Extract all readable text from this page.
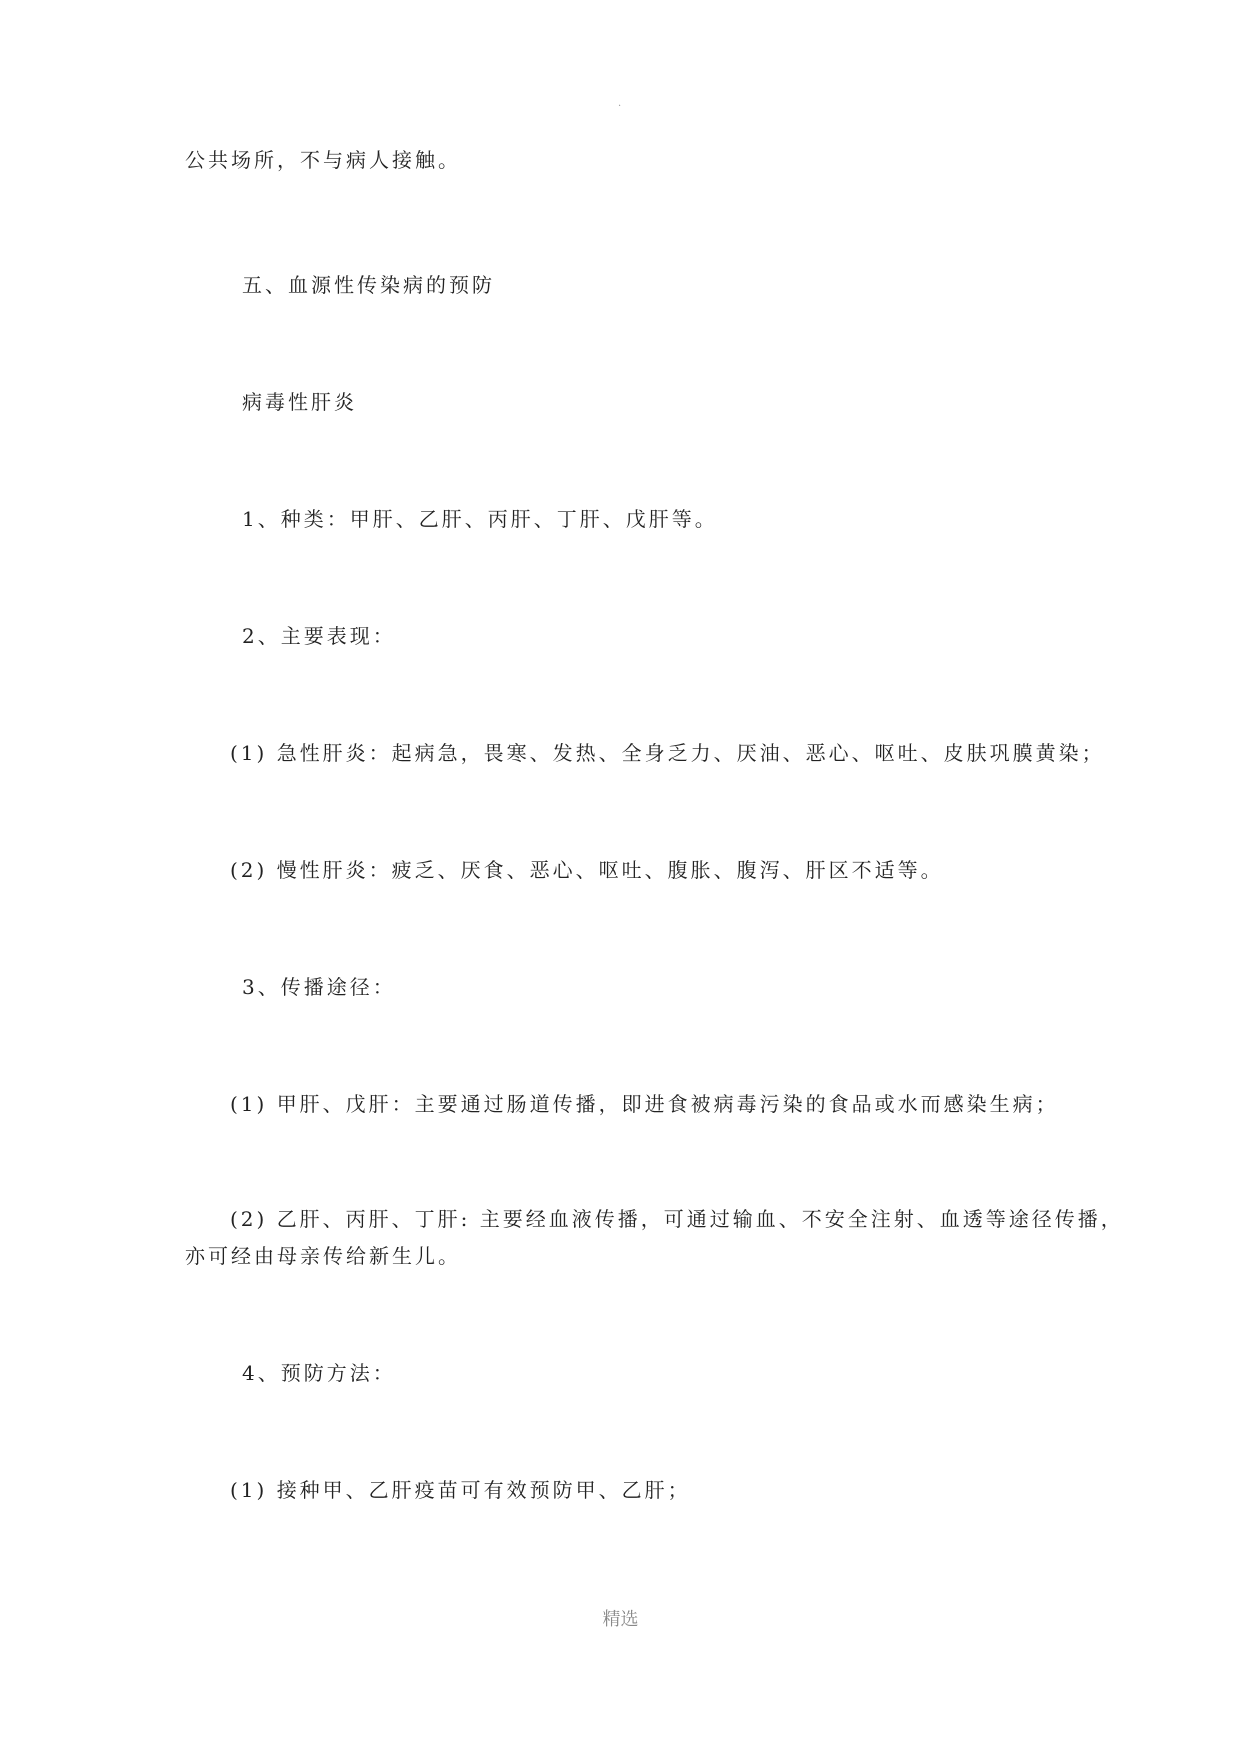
.
公共场所，不与病人接触。
五、血源性传染病的预防
病毒性肝炎
1、种类：甲肝、乙肝、丙肝、丁肝、戊肝等。
2、主要表现：
(1) 急性肝炎：起病急，畏寒、发热、全身乏力、厌油、恶心、呕吐、皮肤巩膜黄染；
(2) 慢性肝炎：疲乏、厌食、恶心、呕吐、腹胀、腹泻、肝区不适等。
3、传播途径：
(1) 甲肝、戊肝：主要通过肠道传播，即进食被病毒污染的食品或水而感染生病；
(2) 乙肝、丙肝、丁肝: 主要经血液传播，可通过输血、不安全注射、血透等途径传播，
亦可经由母亲传给新生儿。
4、预防方法：
(1) 接种甲、乙肝疫苗可有效预防甲、乙肝；
精选
